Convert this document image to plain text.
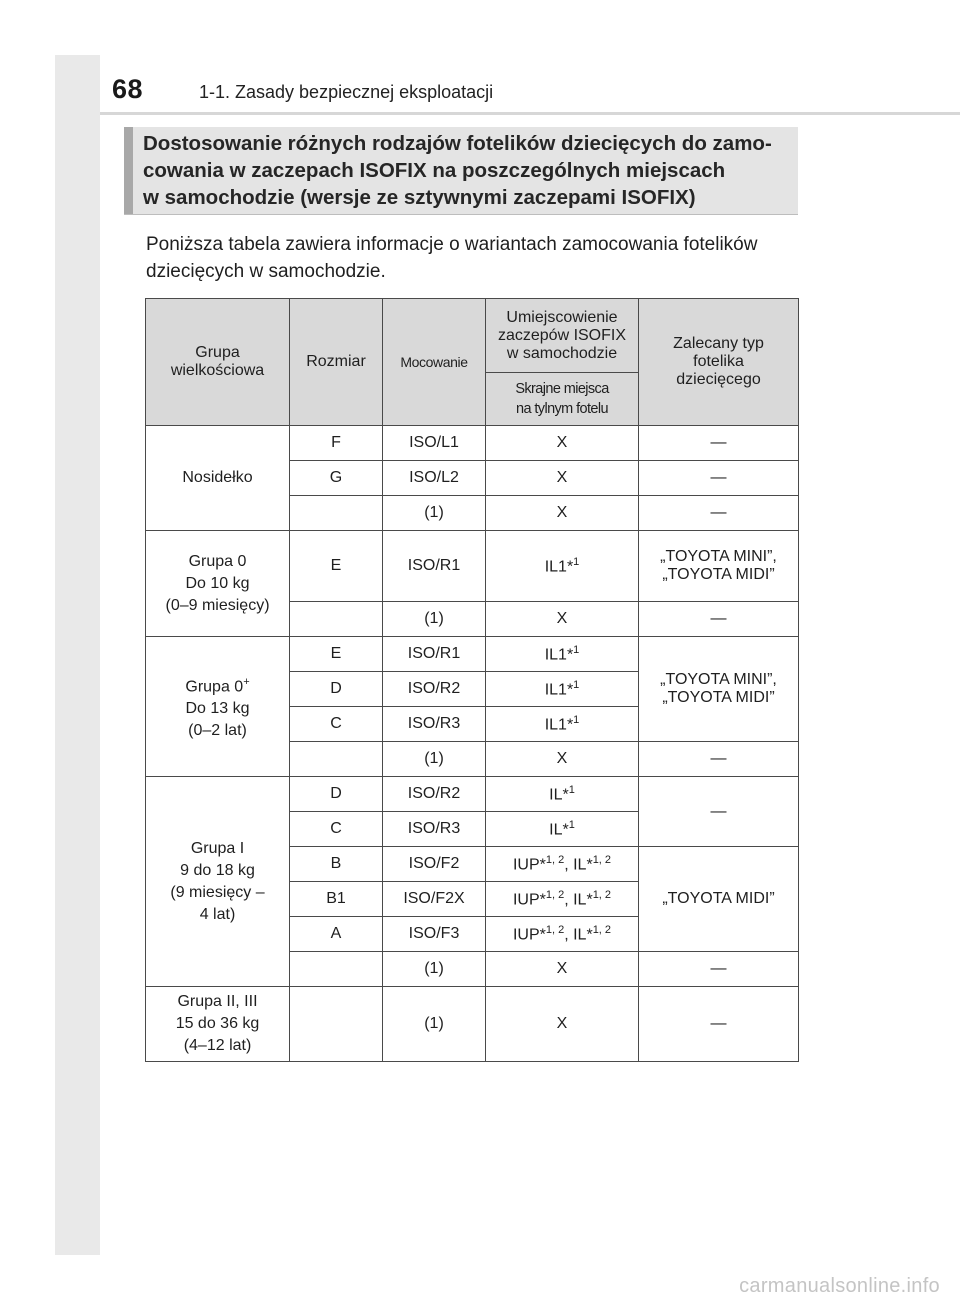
68	1-1. Zasady bezpiecznej eksploatacji
Dostosowanie różnych rodzajów fotelików dziecięcych do zamo-
cowania w zaczepach ISOFIX na poszczególnych miejscach
w samochodzie (wersje ze sztywnymi zaczepami ISOFIX)
Poniższa tabela zawiera informacje o wariantach zamocowania fotelików
dziecięcych w samochodzie.
Grupa
wielkościowa	Rozmiar	Mocowanie	Umiejscowienie
zaczepów ISOFIX
w samochodzie	Zalecany typ
fotelika
dziecięcego
			Skrajne miejsca
na tylnym fotelu	
Nosidełko	F	ISO/L1	X	—
	G	ISO/L2	X	—
		(1)	X	—
Grupa 0
Do 10 kg
(0–9 miesięcy)	E	ISO/R1	IL1*$^1$	„TOYOTA MINI”,
„TOYOTA MIDI”
		(1)	X	—
Grupa 0+
Do 13 kg
(0–2 lat)	E	ISO/R1	IL1*$^1$	„TOYOTA MINI”,
„TOYOTA MIDI”
	D	ISO/R2	IL1*$^1$
	C	ISO/R3	IL1*$^1$
		(1)	X	—
Grupa I
9 do 18 kg
(9 miesięcy –
4 lat)	D	ISO/R2	IL*$^1$	—
	C	ISO/R3	IL*$^1$
	B	ISO/F2	IUP*$^{1, 2}$, IL*$^{1, 2}$	„TOYOTA MIDI”
	B1	ISO/F2X	IUP*$^{1, 2}$, IL*$^{1, 2}$
	A	ISO/F3	IUP*$^{1, 2}$, IL*$^{1, 2}$
		(1)	X	—
Grupa II, III
15 do 36 kg
(4–12 lat)		(1)	X	—
carmanualsonline.info
